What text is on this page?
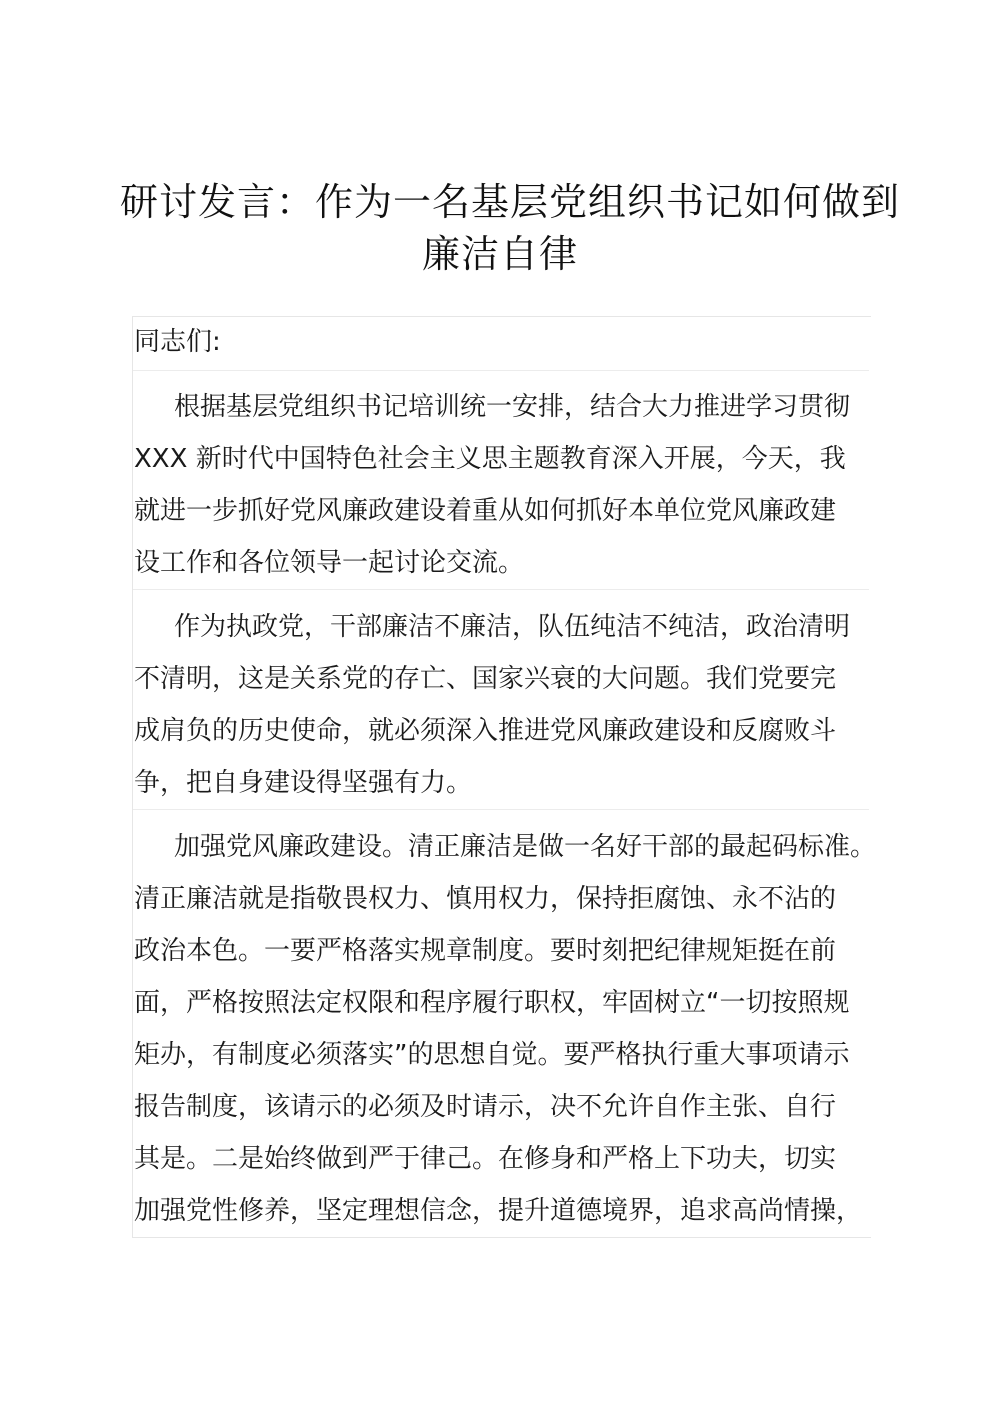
研讨发言：作为一名基层党组织书记如何做到
廉洁自律
同志们:
根据基层党组织书记培训统一安排，结合大力推进学习贯彻
XXX 新时代中国特色社会主义思主题教育深入开展，今天，我
就进一步抓好党风廉政建设着重从如何抓好本单位党风廉政建
设工作和各位领导一起讨论交流。
作为执政党，干部廉洁不廉洁，队伍纯洁不纯洁，政治清明
不清明，这是关系党的存亡、国家兴衰的大问题。我们党要完
成肩负的历史使命，就必须深入推进党风廉政建设和反腐败斗
争，把自身建设得坚强有力。
加强党风廉政建设。清正廉洁是做一名好干部的最起码标准。
清正廉洁就是指敬畏权力、慎用权力，保持拒腐蚀、永不沾的
政治本色。一要严格落实规章制度。要时刻把纪律规矩挺在前
面，严格按照法定权限和程序履行职权，牢固树立“一切按照规
矩办，有制度必须落实”的思想自觉。要严格执行重大事项请示
报告制度，该请示的必须及时请示，决不允许自作主张、自行
其是。二是始终做到严于律己。在修身和严格上下功夫，切实
加强党性修养，坚定理想信念，提升道德境界，追求高尚情操，
